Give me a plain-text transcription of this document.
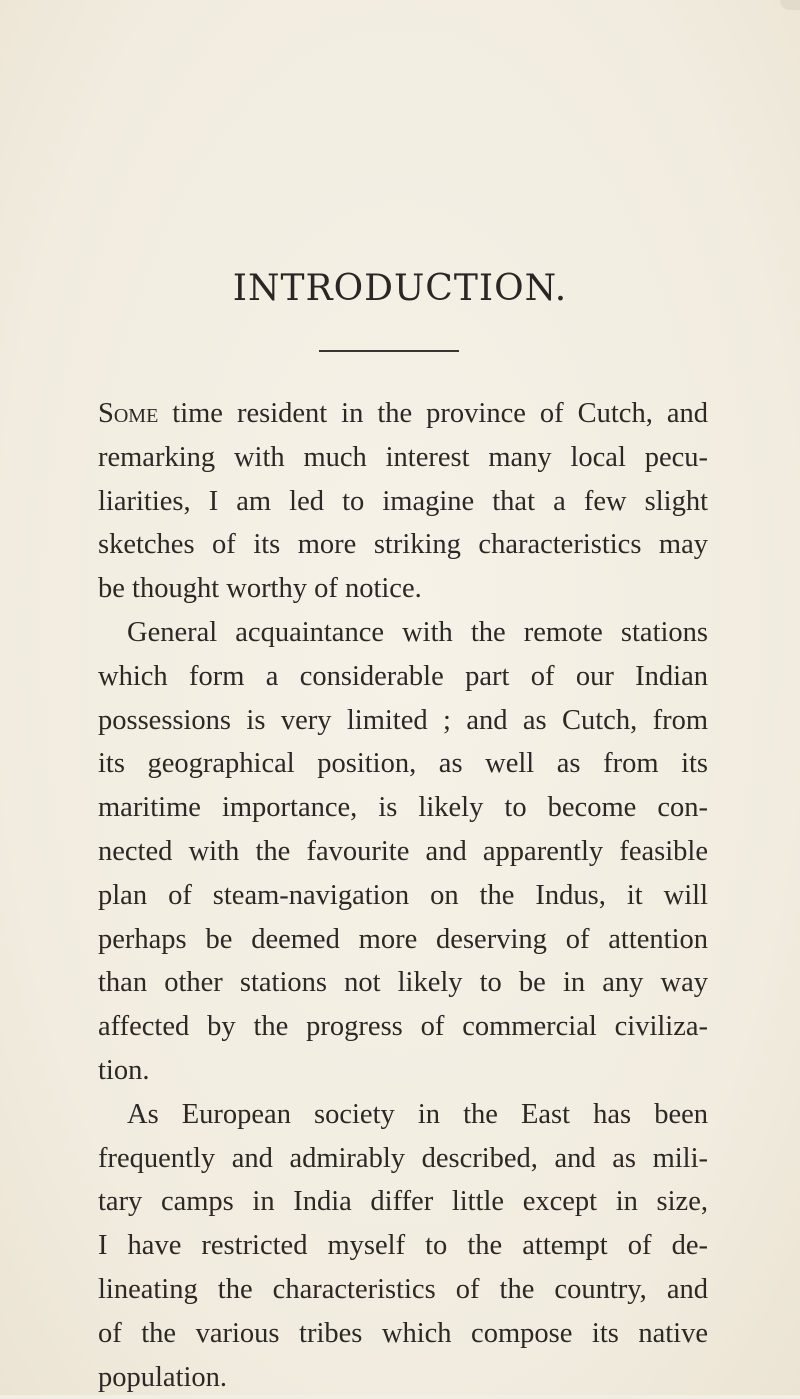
INTRODUCTION.
Some time resident in the province of Cutch, and
remarking with much interest many local pecu-
liarities, I am led to imagine that a few slight
sketches of its more striking characteristics may
be thought worthy of notice.
General acquaintance with the remote stations
which form a considerable part of our Indian
possessions is very limited ; and as Cutch, from
its geographical position, as well as from its
maritime importance, is likely to become con-
nected with the favourite and apparently feasible
plan of steam-navigation on the Indus, it will
perhaps be deemed more deserving of attention
than other stations not likely to be in any way
affected by the progress of commercial civiliza-
tion.
As European society in the East has been
frequently and admirably described, and as mili-
tary camps in India differ little except in size,
I have restricted myself to the attempt of de-
lineating the characteristics of the country, and
of the various tribes which compose its native
population.
